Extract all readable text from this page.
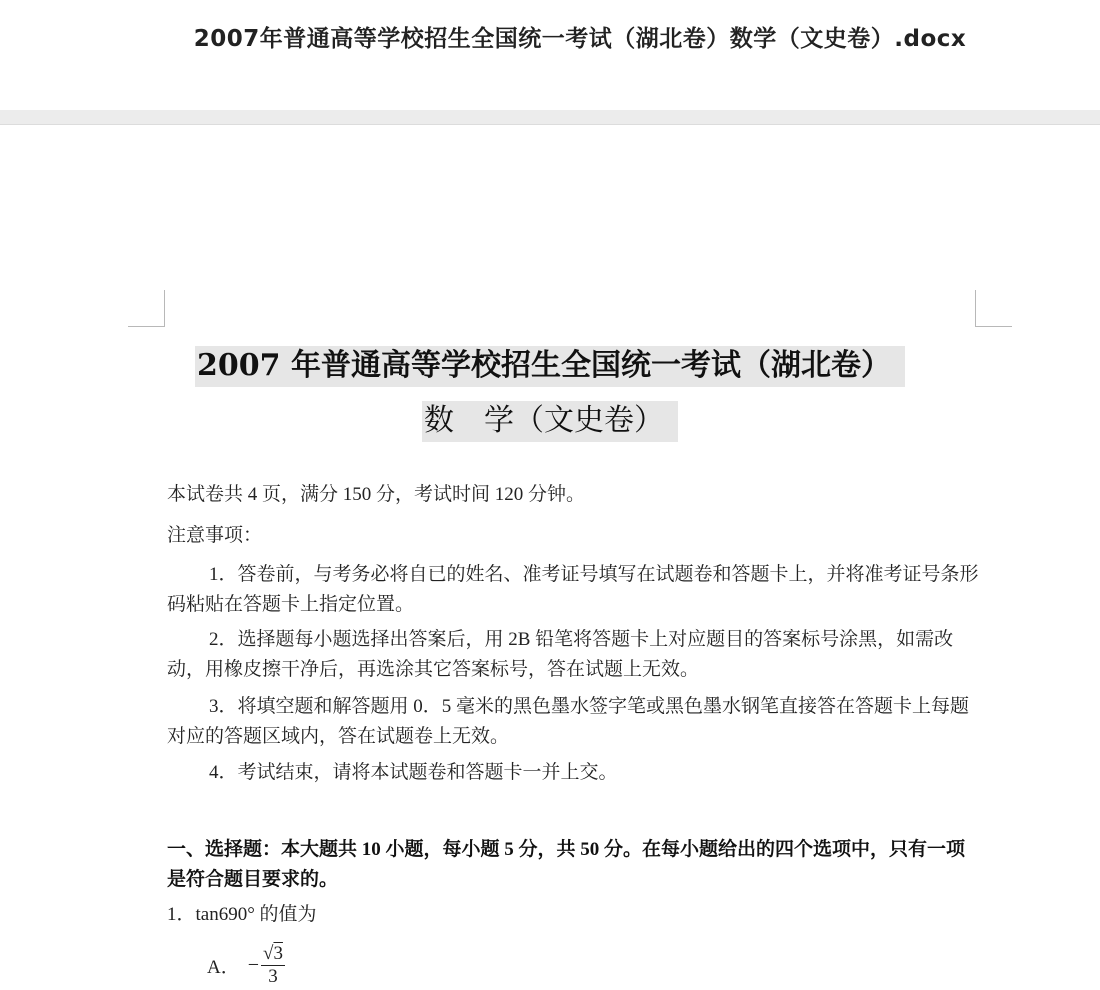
2007年普通高等学校招生全国统一考试（湖北卷）数学（文史卷）.docx
2007 年普通高等学校招生全国统一考试（湖北卷）
数　学（文史卷）
本试卷共 4 页，满分 150 分，考试时间 120 分钟。
注意事项：
1．答卷前，与考务必将自已的姓名、准考证号填写在试题卷和答题卡上，并将准考证号条形码粘贴在答题卡上指定位置。
2．选择题每小题选择出答案后，用 2B 铅笔将答题卡上对应题目的答案标号涂黑，如需改动，用橡皮擦干净后，再选涂其它答案标号，答在试题上无效。
3．将填空题和解答题用 0．5 毫米的黑色墨水签字笔或黑色墨水钢笔直接答在答题卡上每题对应的答题区域内，答在试题卷上无效。
4．考试结束，请将本试题卷和答题卡一并上交。
一、选择题：本大题共 10 小题，每小题 5 分，共 50 分。在每小题给出的四个选项中，只有一项是符合题目要求的。
1．tan690° 的值为
A． − $\frac{√3}{3}$
